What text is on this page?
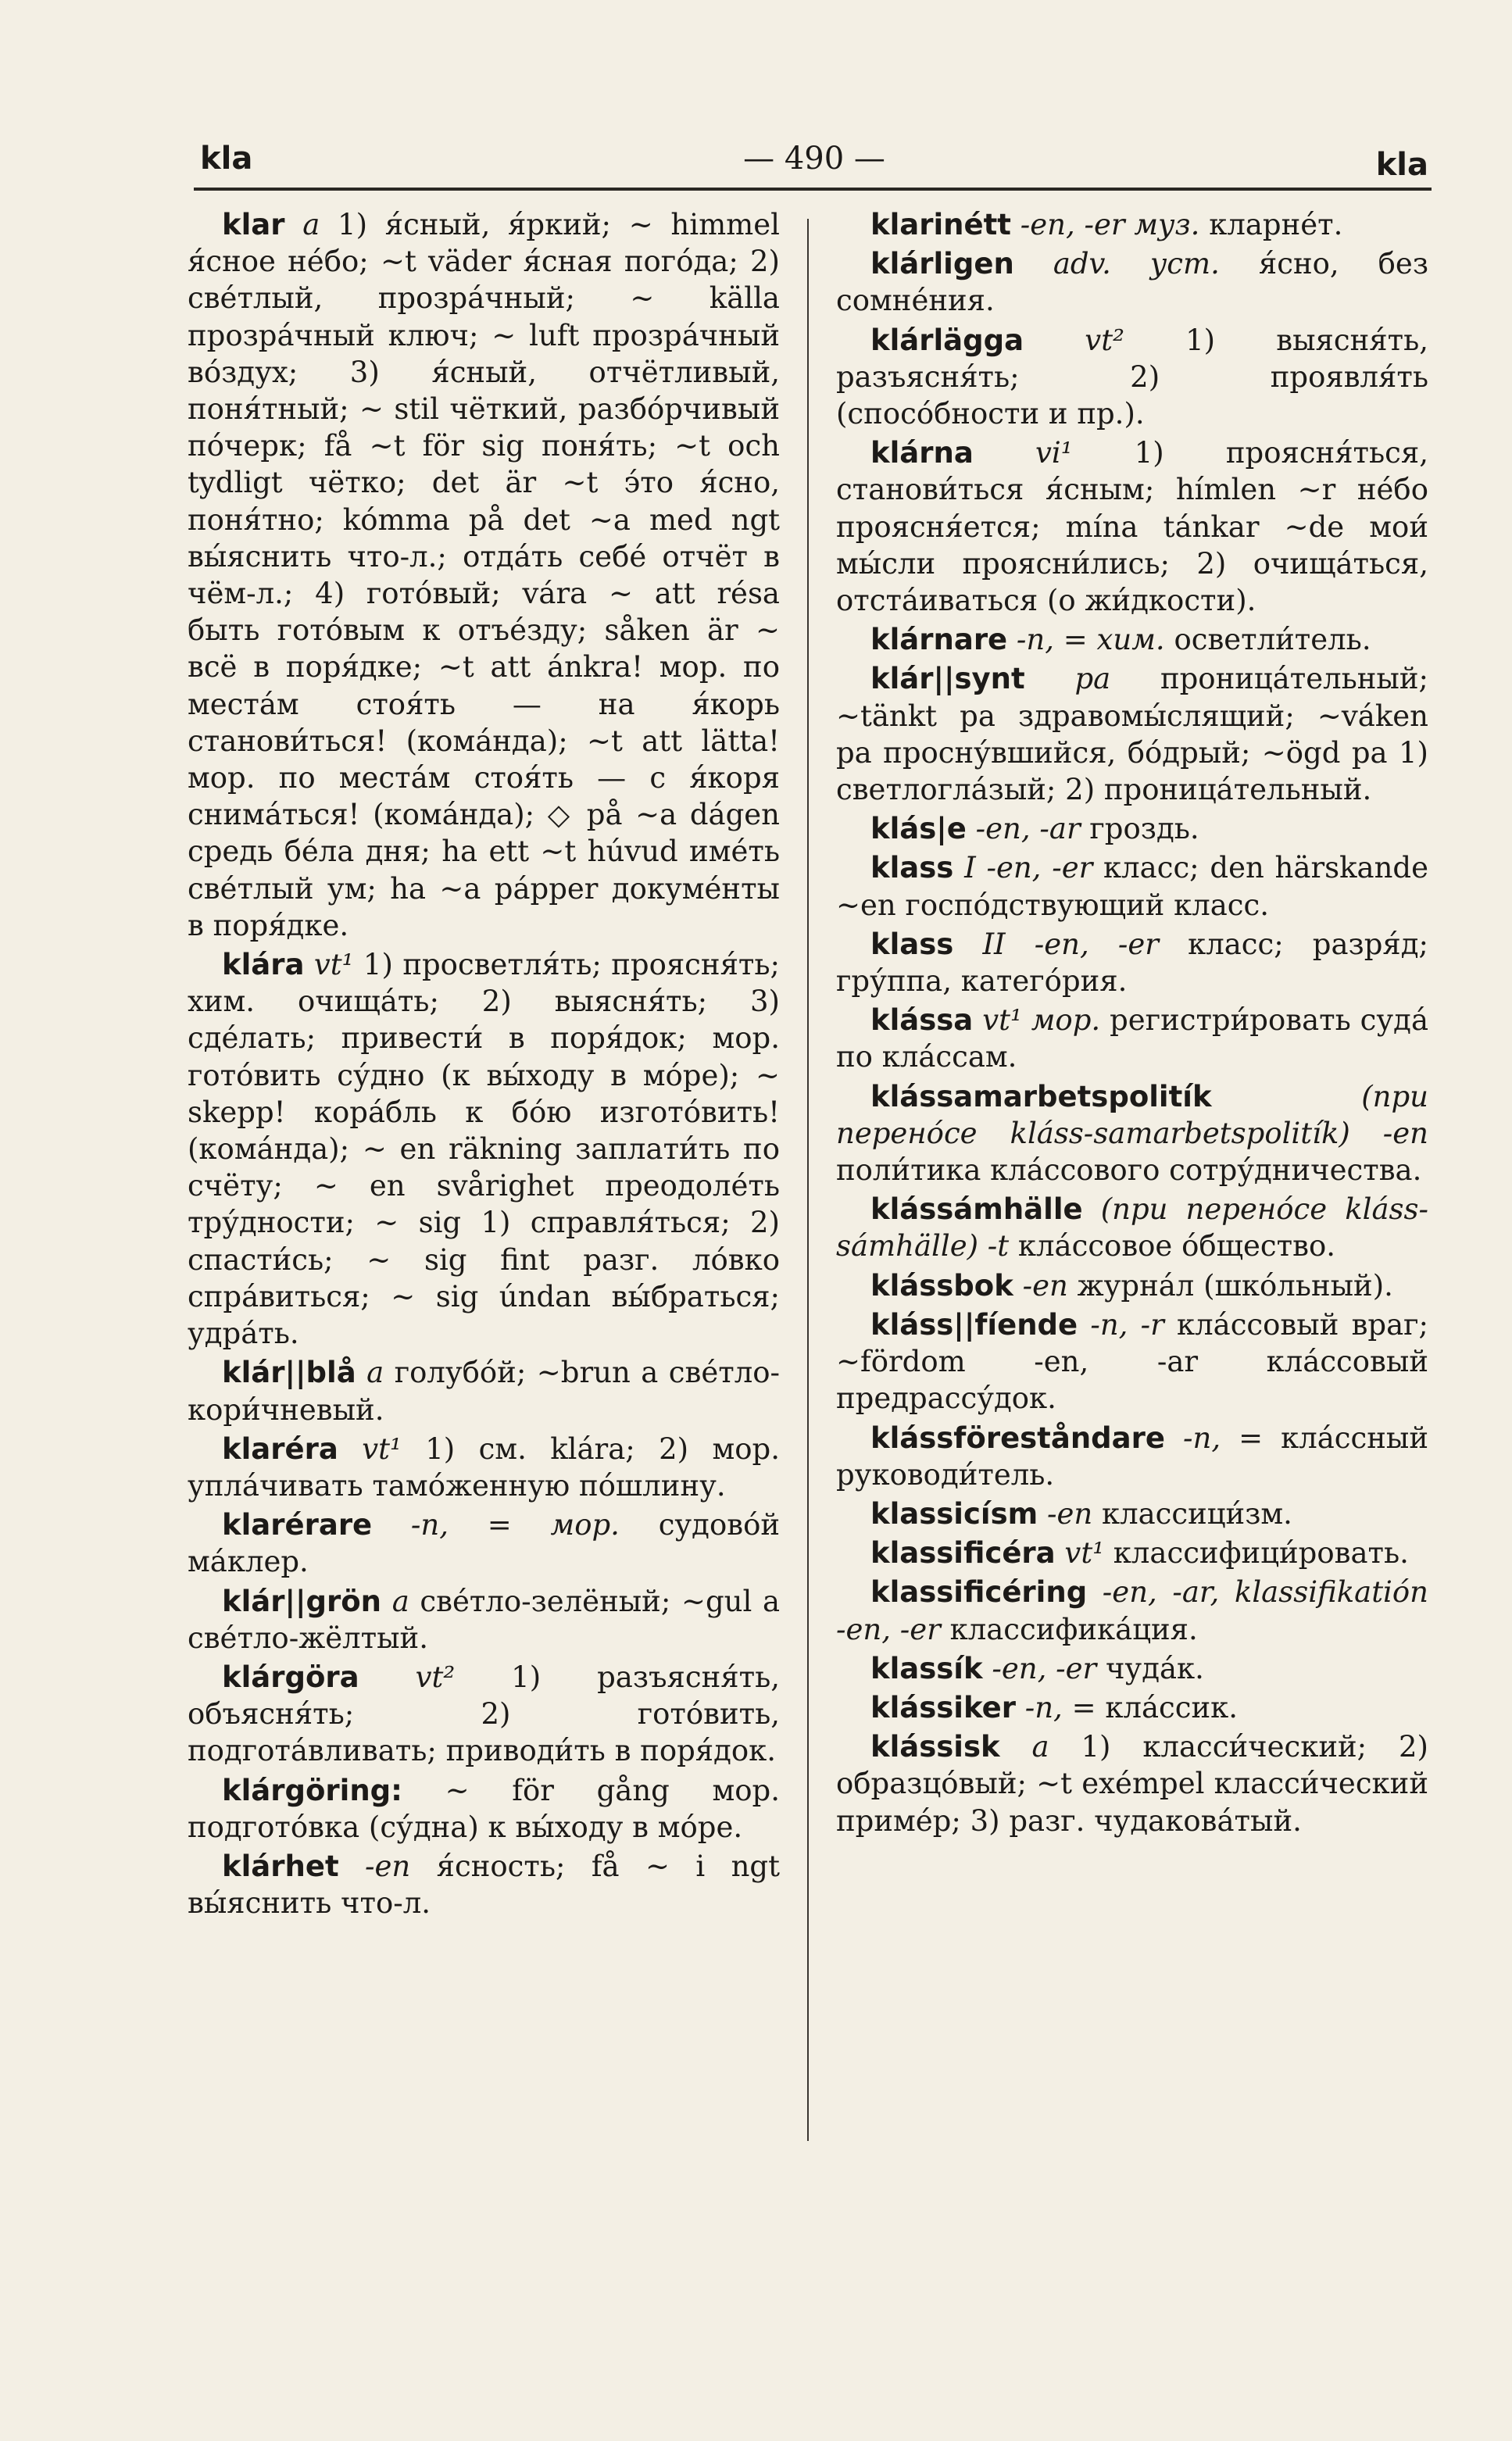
kla	— 490 —	kla

klar a 1) я́сный, я́ркий; ~ himmel я́сное не́бо; ~t väder я́сная пого́да; 2) све́тлый, прозра́чный; ~ källa прозра́чный ключ; ~ luft прозра́чный во́здух; 3) я́сный, отчётливый, поня́тный; ~ stil чёткий, разбо́рчивый по́черк; få ~t för sig поня́ть; ~t och tydligt чётко; det är ~t э́то я́сно, поня́тно; kómma på det ~a med ngt вы́яснить что-л.; отда́ть себе́ отчёт в чём-л.; 4) гото́вый; vára ~ att résa быть гото́вым к отъе́зду; såken är ~ всё в поря́дке; ~t att ánkra! мор. по места́м стоя́ть — на я́корь станови́ться! (кома́нда); ~t att lätta! мор. по места́м стоя́ть — с я́коря снима́ться! (кома́нда); ◇ på ~a dágen средь бе́ла дня; ha ett ~t húvud име́ть све́тлый ум; ha ~a pápper докуме́нты в поря́дке.

klára vt¹ 1) просветля́ть; проясня́ть; хим. очища́ть; 2) выясня́ть; 3) сде́лать; привести́ в поря́док; мор. гото́вить су́дно (к вы́ходу в мо́ре); ~ skepp! кора́бль к бо́ю изгото́вить! (кома́нда); ~ en räkning заплати́ть по счёту; ~ en svårighet преодоле́ть тру́дности; ~ sig 1) справля́ться; 2) спасти́сь; ~ sig fint разг. ло́вко спра́виться; ~ sig úndan вы́браться; удра́ть.

klár||blå a голубо́й; ~brun a све́тло-кори́чневый.

klaréra vt¹ 1) см. klára; 2) мор. упла́чивать тамо́женную по́шлину.

klarérare -n, = мор. судово́й ма́клер.

klár||grön a све́тло-зелёный; ~gul a све́тло-жёлтый.

klárgöra vt² 1) разъясня́ть, объясня́ть; 2) гото́вить, подгота́вливать; приводи́ть в поря́док.

klárgöring: ~ för gång мор. подгото́вка (су́дна) к вы́ходу в мо́ре.

klárhet -en я́сность; få ~ i ngt вы́яснить что-л.

klarinétt -en, -er муз. кларне́т.

klárligen adv. уст. я́сно, без сомне́ния.

klárlägga vt² 1) выясня́ть, разъясня́ть; 2) проявля́ть (спосо́бности и пр.).

klárna vi¹ 1) проясня́ться, станови́ться я́сным; hímlen ~r не́бо проясня́ется; mína tánkar ~de мои́ мы́сли проясни́лись; 2) очища́ться, отста́иваться (о жи́дкости).

klárnare -n, = хим. осветли́тель.

klár||synt pa проница́тельный; ~tänkt pa здравомы́слящий; ~váken pa просну́вшийся, бо́дрый; ~ögd pa 1) светлогла́зый; 2) проница́тельный.

klás|e -en, -ar гроздь.

klass I -en, -er класс; den härskande ~en госпо́дствующий класс.

klass II -en, -er класс; разря́д; гру́ппа, катего́рия.

klássa vt¹ мор. регистри́ровать суда́ по кла́ссам.

klássamarbetspolitík	(при перено́се kláss-samarbetspolitík) -en поли́тика кла́ссового сотру́дничества.

klássámhälle (при перено́се kláss-sámhälle) -t кла́ссовое о́бщество.

klássbok -en журна́л (шко́льный).

kláss||fíende -n, -r кла́ссовый враг; ~fördom -en, -ar кла́ссовый предрассу́док.

klássföreståndare -n, = кла́ссный руководи́тель.

klassicísm -en классици́зм.

klassificéra vt¹ классифици́ровать.

klassificéring -en, -ar, klassifikatión -en, -er классифика́ция.

klassík -en, -er чуда́к.

klássiker -n, = кла́ссик.

klássisk a 1) класси́ческий; 2) образцо́вый; ~t exémpel класси́ческий приме́р; 3) разг. чудакова́тый.
